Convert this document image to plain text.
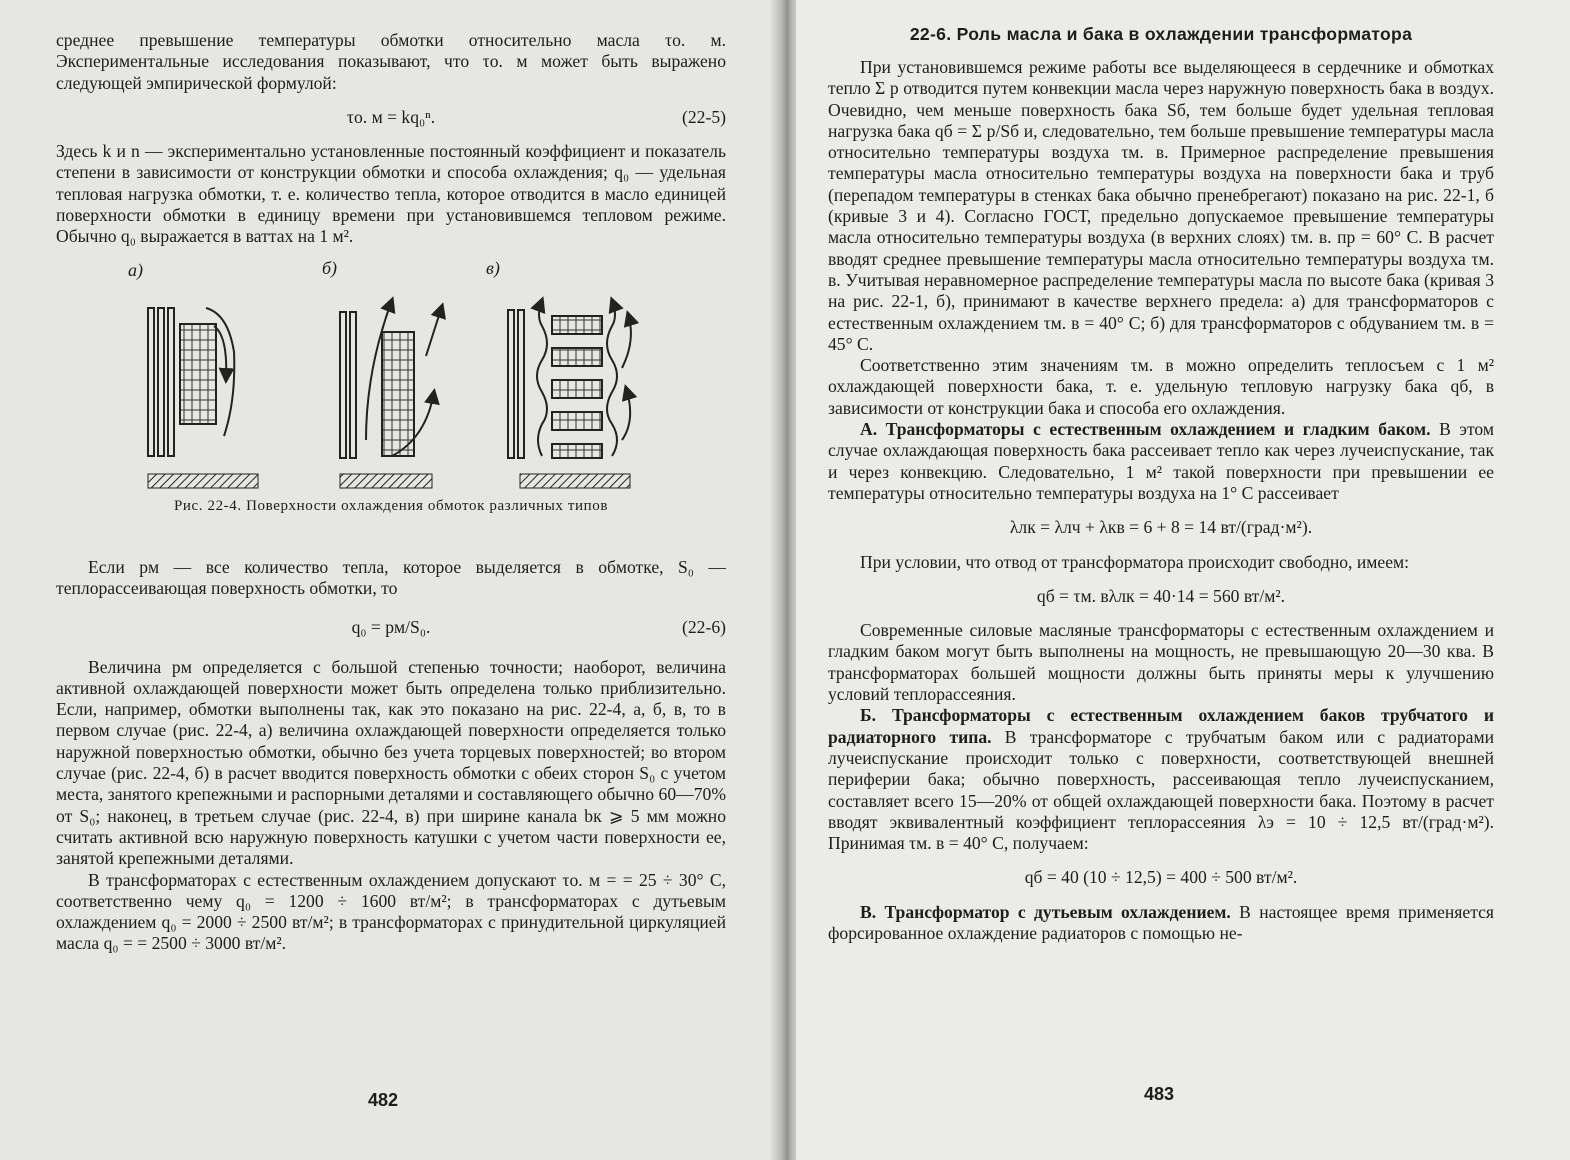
среднее превышение температуры обмотки относительно масла τо. м. Экспериментальные исследования показывают, что τо. м может быть выражено следующей эмпирической формулой:

τо. м = kq₀ⁿ.	(22-5)

Здесь k и n — экспериментально установленные постоянный коэффициент и показатель степени в зависимости от конструкции обмотки и способа охлаждения; q₀ — удельная тепловая нагрузка обмотки, т. е. количество тепла, которое отводится в масло единицей поверхности обмотки в единицу времени при установившемся тепловом режиме. Обычно q₀ выражается в ваттах на 1 м².

а)	б)	в)
Рис. 22-4. Поверхности охлаждения обмоток различных типов

Если pм — все количество тепла, которое выделяется в обмотке, S₀ — теплорассеивающая поверхность обмотки, то

q₀ = pм/S₀.	(22-6)

Величина pм определяется с большой степенью точности; наоборот, величина активной охлаждающей поверхности может быть определена только приблизительно. Если, например, обмотки выполнены так, как это показано на рис. 22-4, а, б, в, то в первом случае (рис. 22-4, а) величина охлаждающей поверхности определяется только наружной поверхностью обмотки, обычно без учета торцевых поверхностей; во втором случае (рис. 22-4, б) в расчет вводится поверхность обмотки с обеих сторон S₀ с учетом места, занятого крепежными и распорными деталями и составляющего обычно 60—70% от S₀; наконец, в третьем случае (рис. 22-4, в) при ширине канала bк ⩾ 5 мм можно считать активной всю наружную поверхность катушки с учетом части поверхности ее, занятой крепежными деталями.

В трансформаторах с естественным охлаждением допускают τо. м = = 25 ÷ 30° С, соответственно чему q₀ = 1200 ÷ 1600 вт/м²; в трансформаторах с дутьевым охлаждением q₀ = 2000 ÷ 2500 вт/м²; в трансформаторах с принудительной циркуляцией масла q₀ = = 2500 ÷ 3000 вт/м².

482
22-6. Роль масла и бака в охлаждении трансформатора

При установившемся режиме работы все выделяющееся в сердечнике и обмотках тепло Σ p отводится путем конвекции масла через наружную поверхность бака в воздух. Очевидно, чем меньше поверхность бака Sб, тем больше будет удельная тепловая нагрузка бака qб = Σ p/Sб и, следовательно, тем больше превышение температуры масла относительно температуры воздуха τм. в. Примерное распределение превышения температуры масла относительно температуры воздуха на поверхности бака и труб (перепадом температуры в стенках бака обычно пренебрегают) показано на рис. 22-1, б (кривые 3 и 4). Согласно ГОСТ, предельно допускаемое превышение температуры масла относительно температуры воздуха (в верхних слоях) τм. в. пр = 60° С. В расчет вводят среднее превышение температуры масла относительно температуры воздуха τм. в. Учитывая неравномерное распределение температуры масла по высоте бака (кривая 3 на рис. 22-1, б), принимают в качестве верхнего предела: а) для трансформаторов с естественным охлаждением τм. в = 40° С; б) для трансформаторов с обдуванием τм. в = 45° С.

Соответственно этим значениям τм. в можно определить теплосъем с 1 м² охлаждающей поверхности бака, т. е. удельную тепловую нагрузку бака qб, в зависимости от конструкции бака и способа его охлаждения.

А. Трансформаторы с естественным охлаждением и гладким баком. В этом случае охлаждающая поверхность бака рассеивает тепло как через лучеиспускание, так и через конвекцию. Следовательно, 1 м² такой поверхности при превышении ее температуры относительно температуры воздуха на 1° С рассеивает

λлк = λлч + λкв = 6 + 8 = 14 вт/(град·м²).

При условии, что отвод от трансформатора происходит свободно, имеем:

qб = τм. вλлк = 40·14 = 560 вт/м².

Современные силовые масляные трансформаторы с естественным охлаждением и гладким баком могут быть выполнены на мощность, не превышающую 20—30 ква. В трансформаторах большей мощности должны быть приняты меры к улучшению условий теплорассеяния.

Б. Трансформаторы с естественным охлаждением баков трубчатого и радиаторного типа. В трансформаторе с трубчатым баком или с радиаторами лучеиспускание происходит только с поверхности, соответствующей внешней периферии бака; обычно поверхность, рассеивающая тепло лучеиспусканием, составляет всего 15—20% от общей охлаждающей поверхности бака. Поэтому в расчет вводят эквивалентный коэффициент теплорассеяния λэ = 10 ÷ 12,5 вт/(град·м²). Принимая τм. в = 40° С, получаем:

qб = 40 (10 ÷ 12,5) = 400 ÷ 500 вт/м².

В. Трансформатор с дутьевым охлаждением. В настоящее время применяется форсированное охлаждение радиаторов с помощью не-

483
